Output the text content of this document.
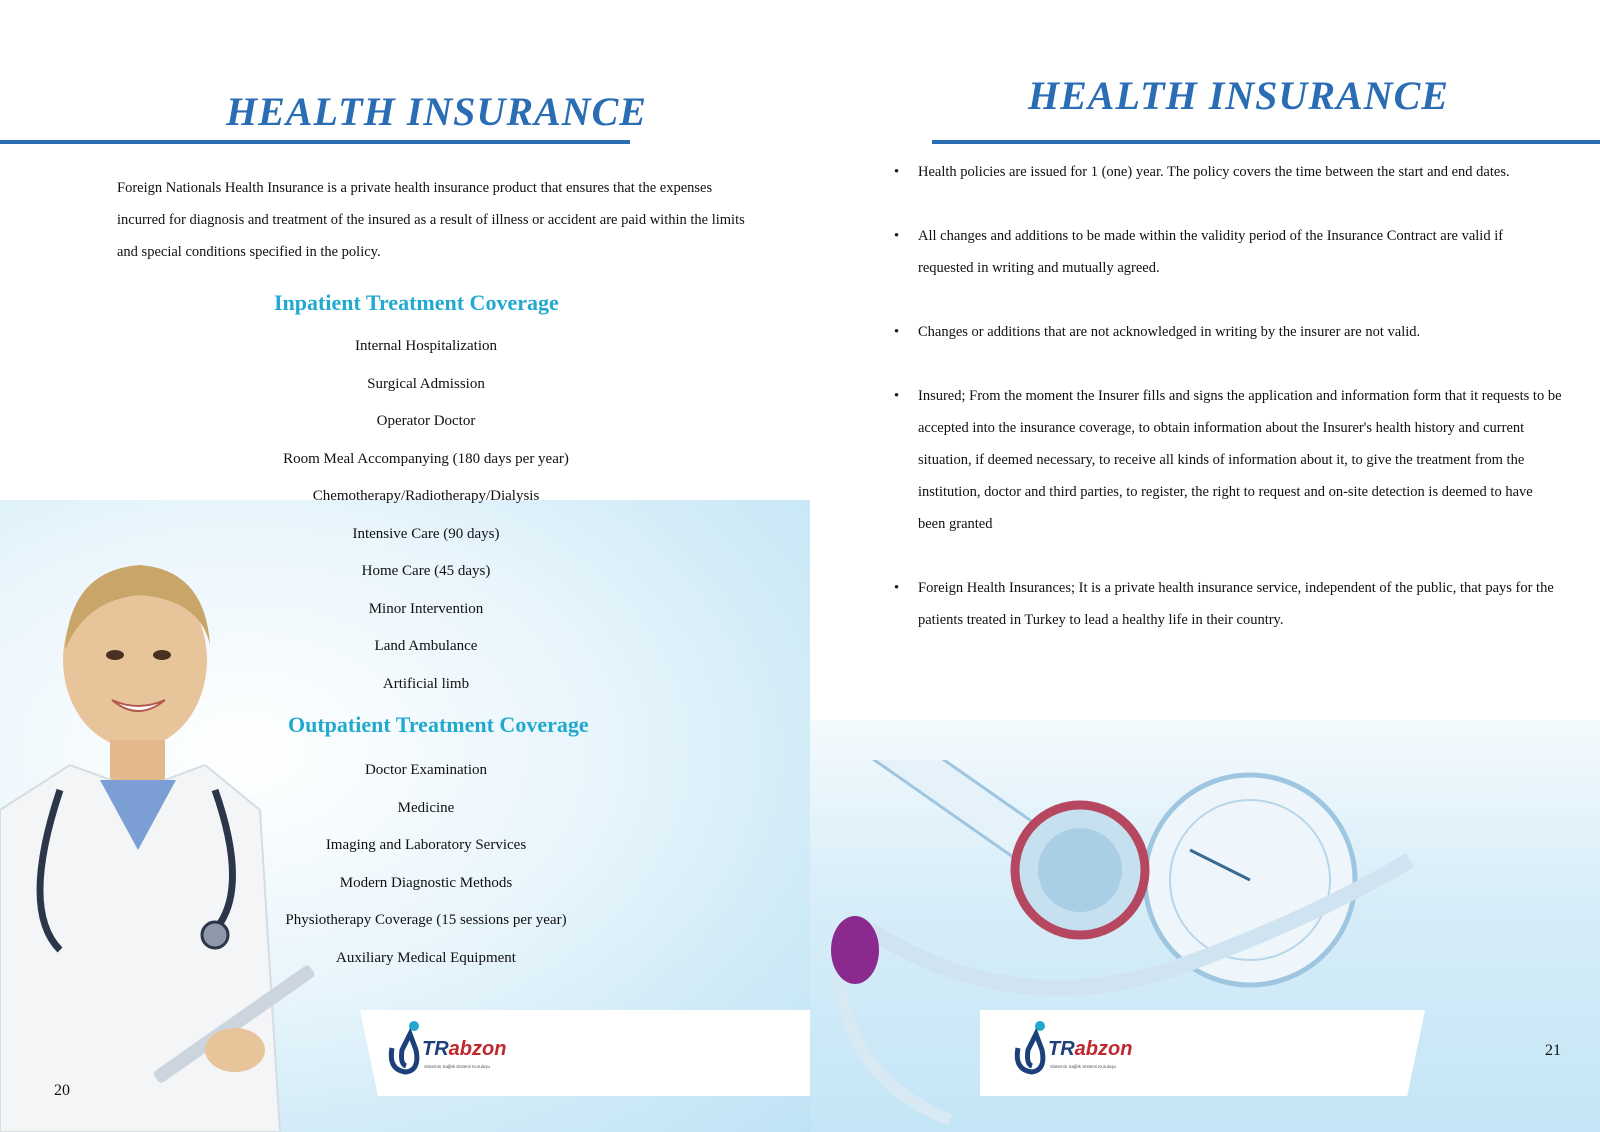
HEALTH INSURANCE
Foreign Nationals Health Insurance is a private health insurance product that ensures that the expenses incurred for diagnosis and treatment of the insured as a result of illness or accident are paid within the limits and special conditions specified in the policy.
Inpatient Treatment Coverage
Internal Hospitalization
Surgical Admission
Operator Doctor
Room Meal Accompanying (180 days per year)
Chemotherapy/Radiotherapy/Dialysis
Intensive Care (90 days)
Home Care (45 days)
Minor Intervention
Land Ambulance
Artificial limb
Outpatient Treatment Coverage
Doctor Examination
Medicine
Imaging and Laboratory Services
Modern Diagnostic Methods
Physiotherapy Coverage (15 sessions per year)
Auxiliary Medical Equipment
TRabzon
Sistemin Sağlık Sistemi Kuruluşu
20
HEALTH INSURANCE
TRabzon
Sistemin Sağlık Sistemi Kuruluşu
21
• Health policies are issued for 1 (one) year. The policy covers the time between the start and end dates.
• All changes and additions to be made within the validity period of the Insurance Contract are valid if requested in writing and mutually agreed.
• Changes or additions that are not acknowledged in writing by the insurer are not valid.
• Insured; From the moment the Insurer fills and signs the application and information form that it requests to be accepted into the insurance coverage, to obtain information about the Insurer's health history and current situation, if deemed necessary, to receive all kinds of information about it, to give the treatment from the institution, doctor and third parties, to register, the right to request and on-site detection is deemed to have been granted
• Foreign Health Insurances; It is a private health insurance service, independent of the public, that pays for the patients treated in Turkey to lead a healthy life in their country.
